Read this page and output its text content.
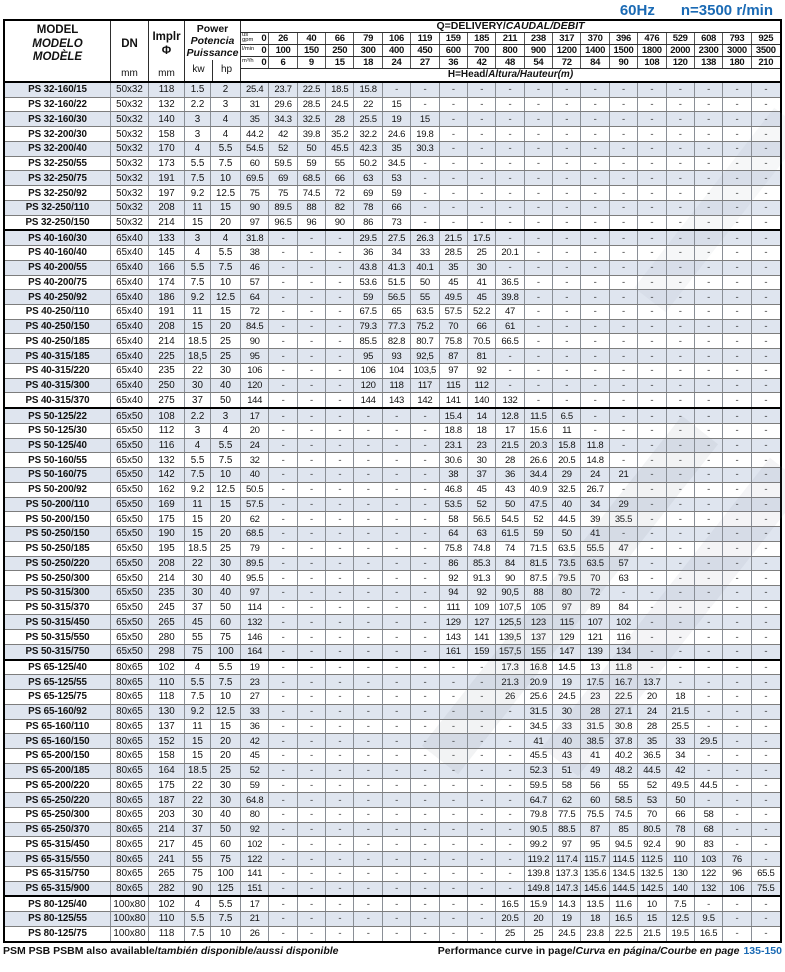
60Hz n=3500 r/min
MODEL
MODELO
MODÈLE

DN
mm
Implr
Φ
mm
Power
Potencia
Puissance
kw	hp
Q=DELIVERY/ CAUDAL/DÉBIT
us
gpm 0	26	40	66	79	106	119	159	185	211	238	317	370	396	476	529	608	793	925
l/min 0 100	150	250	300	400	450	600	700	800	900	1200 1400 1500 1800 2000 2300 3000 3500
m³/h 0	6	9	15	18	24	27	36	42	48	54	72	84	90	108	120	138	180	210
H=Head/ Altura/Hauteur(m)
PS 32-160/15	50x32	118	1.5	2	25.4	23.7	22.5	18.5	15.8	-	-	-	-	-	-	-	-	-	-	-	-	-	-
PS 32-160/22	50x32	132	2.2	3	31	29.6	28.5	24.5	22	15	-	-	-	-	-	-	-	-	-	-	-	-	-
PS 32-160/30	50x32	140	3	4	35	34.3	32.5	28	25.5	19	15	-	-	-	-	-	-	-	-	-	-	-	-
PS 32-200/30	50x32	158	3	4	44.2	42	39.8	35.2	32.2	24.6	19.8	-	-	-	-	-	-	-	-	-	-	-	-
PS 32-200/40	50x32	170	4	5.5	54.5	52	50	45.5	42.3	35	30.3	-	-	-	-	-	-	-	-	-	-	-	-
PS 32-250/55	50x32	173	5.5	7.5	60	59.5	59	55	50.2	34.5	-	-	-	-	-	-	-	-	-	-	-	-	-
PS 32-250/75	50x32	191	7.5	10	69.5	69	68.5	66	63	53	-	-	-	-	-	-	-	-	-	-	-	-	-
PS 32-250/92	50x32	197	9.2	12.5	75	75	74.5	72	69	59	-	-	-	-	-	-	-	-	-	-	-	-	-
PS 32-250/110	50x32	208	11	15	90	89.5	88	82	78	66	-	-	-	-	-	-	-	-	-	-	-	-	-
PS 32-250/150	50x32	214	15	20	97	96.5	96	90	86	73	-	-	-	-	-	-	-	-	-	-	-	-	-
PS 40-160/30	65x40	133	3	4	31.8	-	-	-	29.5	27.5	26.3	21.5	17.5	-	-	-	-	-	-	-	-	-	-
PS 40-160/40	65x40	145	4	5.5	38	-	-	-	36	34	33	28.5	25	20.1	-	-	-	-	-	-	-	-	-
PS 40-200/55	65x40	166	5.5	7.5	46	-	-	-	43.8	41.3	40.1	35	30	-	-	-	-	-	-	-	-	-	-
PS 40-200/75	65x40	174	7.5	10	57	-	-	-	53.6	51.5	50	45	41	36.5	-	-	-	-	-	-	-	-	-
PS 40-250/92	65x40	186	9.2	12.5	64	-	-	-	59	56.5	55	49.5	45	39.8	-	-	-	-	-	-	-	-	-
PS 40-250/110	65x40	191	11	15	72	-	-	-	67.5	65	63.5	57.5	52.2	47	-	-	-	-	-	-	-	-	-
PS 40-250/150	65x40	208	15	20	84.5	-	-	-	79.3	77.3	75.2	70	66	61	-	-	-	-	-	-	-	-	-
PS 40-250/185	65x40	214	18.5	25	90	-	-	-	85.5	82.8	80.7	75.8	70.5	66.5	-	-	-	-	-	-	-	-	-
PS 40-315/185	65x40	225	18,5	25	95	-	-	-	95	93	92,5	87	81	-	-	-	-	-	-	-	-	-	-
PS 40-315/220	65x40	235	22	30	106	-	-	-	106	104	103,5	97	92	-	-	-	-	-	-	-	-	-	-
PS 40-315/300	65x40	250	30	40	120	-	-	-	120	118	117	115	112	-	-	-	-	-	-	-	-	-	-
PS 40-315/370	65x40	275	37	50	144	-	-	-	144	143	142	141	140	132	-	-	-	-	-	-	-	-	-
PS 50-125/22	65x50	108	2.2	3	17	-	-	-	-	-	-	15.4	14	12.8	11.5	6.5	-	-	-	-	-	-	-
PS 50-125/30	65x50	112	3	4	20	-	-	-	-	-	-	18.8	18	17	15.6	11	-	-	-	-	-	-	-
PS 50-125/40	65x50	116	4	5.5	24	-	-	-	-	-	-	23.1	23	21.5	20.3	15.8	11.8	-	-	-	-	-	-
PS 50-160/55	65x50	132	5.5	7.5	32	-	-	-	-	-	-	30.6	30	28	26.6	20.5	14.8	-	-	-	-	-	-
PS 50-160/75	65x50	142	7.5	10	40	-	-	-	-	-	-	38	37	36	34.4	29	24	21	-	-	-	-	-
PS 50-200/92	65x50	162	9.2	12.5	50.5	-	-	-	-	-	-	46.8	45	43	40.9	32.5	26.7	-	-	-	-	-	-
PS 50-200/110	65x50	169	11	15	57.5	-	-	-	-	-	-	53.5	52	50	47.5	40	34	29	-	-	-	-	-
PS 50-200/150	65x50	175	15	20	62	-	-	-	-	-	-	58	56.5	54.5	52	44.5	39	35.5	-	-	-	-	-
PS 50-250/150	65x50	190	15	20	68.5	-	-	-	-	-	-	64	63	61.5	59	50	41	-	-	-	-	-	-
PS 50-250/185	65x50	195	18.5	25	79	-	-	-	-	-	-	75.8	74.8	74	71.5	63.5	55.5	47	-	-	-	-	-
PS 50-250/220	65x50	208	22	30	89.5	-	-	-	-	-	-	86	85.3	84	81.5	73.5	63.5	57	-	-	-	-	-
PS 50-250/300	65x50	214	30	40	95.5	-	-	-	-	-	-	92	91.3	90	87.5	79.5	70	63	-	-	-	-	-
PS 50-315/300	65x50	235	30	40	97	-	-	-	-	-	-	94	92	90,5	88	80	72	-	-	-	-	-	-
PS 50-315/370	65x50	245	37	50	114	-	-	-	-	-	-	111	109	107,5	105	97	89	84	-	-	-	-	-
PS 50-315/450	65x50	265	45	60	132	-	-	-	-	-	-	129	127	125,5	123	115	107	102	-	-	-	-	-
PS 50-315/550	65x50	280	55	75	146	-	-	-	-	-	-	143	141	139,5	137	129	121	116	-	-	-	-	-
PS 50-315/750	65x50	298	75	100	164	-	-	-	-	-	-	161	159	157,5	155	147	139	134	-	-	-	-	-
PS 65-125/40	80x65	102	4	5.5	19	-	-	-	-	-	-	-	-	17.3	16.8	14.5	13	11.8	-	-	-	-	-
PS 65-125/55	80x65	110	5.5	7.5	23	-	-	-	-	-	-	-	-	21.3	20.9	19	17.5	16.7	13.7	-	-	-	-
PS 65-125/75	80x65	118	7.5	10	27	-	-	-	-	-	-	-	-	26	25.6	24.5	23	22.5	20	18	-	-	-
PS 65-160/92	80x65	130	9.2	12.5	33	-	-	-	-	-	-	-	-	-	31.5	30	28	27.1	24	21.5	-	-	-
PS 65-160/110	80x65	137	11	15	36	-	-	-	-	-	-	-	-	-	34.5	33	31.5	30.8	28	25.5	-	-	-
PS 65-160/150	80x65	152	15	20	42	-	-	-	-	-	-	-	-	-	41	40	38.5	37.8	35	33	29.5	-	-
PS 65-200/150	80x65	158	15	20	45	-	-	-	-	-	-	-	-	-	45.5	43	41	40.2	36.5	34	-	-	-
PS 65-200/185	80x65	164	18.5	25	52	-	-	-	-	-	-	-	-	-	52.3	51	49	48.2	44.5	42	-	-	-
PS 65-200/220	80x65	175	22	30	59	-	-	-	-	-	-	-	-	-	59.5	58	56	55	52	49.5	44.5	-	-
PS 65-250/220	80x65	187	22	30	64.8	-	-	-	-	-	-	-	-	-	64.7	62	60	58.5	53	50	-	-	-
PS 65-250/300	80x65	203	30	40	80	-	-	-	-	-	-	-	-	-	79.8	77.5	75.5	74.5	70	66	58	-	-
PS 65-250/370	80x65	214	37	50	92	-	-	-	-	-	-	-	-	-	90.5	88.5	87	85	80.5	78	68	-	-
PS 65-315/450	80x65	217	45	60	102	-	-	-	-	-	-	-	-	-	99.2	97	95	94.5	92.4	90	83	-	-
PS 65-315/550	80x65	241	55	75	122	-	-	-	-	-	-	-	-	-	119.2 117.4 115.7 114.5 112.5	110	103	76	-
PS 65-315/750	80x65	265	75	100	141	-	-	-	-	-	-	-	-	-	139.8 137.3 135.6 134.5 132.5	130	122	96	65.5
PS 65-315/900	80x65	282	90	125	151	-	-	-	-	-	-	-	-	-	149.8 147.3 145.6 144.5 142.5	140	132	106	75.5
PS 80-125/40	100x80	102	4	5.5	17	-	-	-	-	-	-	-	-	16.5	15.9	14.3	13.5	11.6	10	7.5	-	-	-
PS 80-125/55	100x80	110	5.5	7.5	21	-	-	-	-	-	-	-	-	20.5	20	19	18	16.5	15	12.5	9.5	-	-
PS 80-125/75	100x80	118	7.5	10	26	-	-	-	-	-	-	-	-	25	25	24.5	23.8	22.5	21.5	19.5	16.5	-	-
PSM PSB PSBM also available/también disponible/aussi disponible	Performance curve in page/Curva en página/Courbe en page 135-150
